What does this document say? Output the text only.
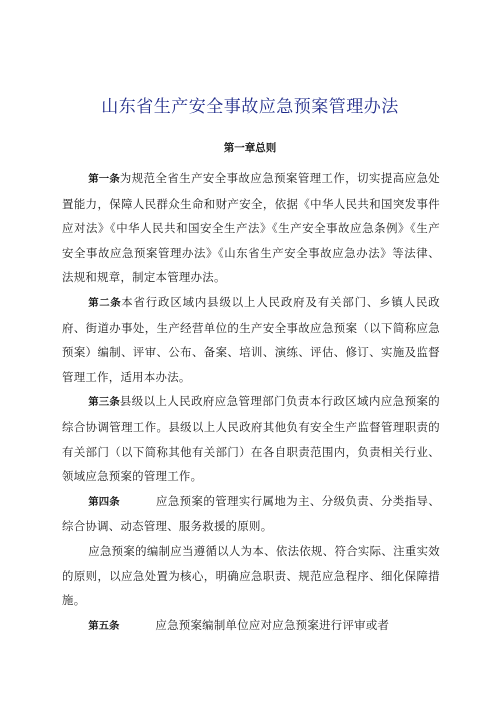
山东省生产安全事故应急预案管理办法
第一章总则

第一条为规范全省生产安全事故应急预案管理工作，切实提高应急处置能力，保障人民群众生命和财产安全，依据《中华人民共和国突发事件应对法》《中华人民共和国安全生产法》《生产安全事故应急条例》《生产安全事故应急预案管理办法》《山东省生产安全事故应急办法》等法律、法规和规章，制定本管理办法。

第二条本省行政区域内县级以上人民政府及有关部门、乡镇人民政府、街道办事处，生产经营单位的生产安全事故应急预案（以下简称应急预案）编制、评审、公布、备案、培训、演练、评估、修订、实施及监督管理工作，适用本办法。

第三条县级以上人民政府应急管理部门负责本行政区域内应急预案的综合协调管理工作。县级以上人民政府其他负有安全生产监督管理职责的有关部门（以下简称其他有关部门）在各自职责范围内，负责相关行业、领域应急预案的管理工作。

第四条	应急预案的管理实行属地为主、分级负责、分类指导、综合协调、动态管理、服务救援的原则。

应急预案的编制应当遵循以人为本、依法依规、符合实际、注重实效的原则，以应急处置为核心，明确应急职责、规范应急程序、细化保障措施。

第五条	应急预案编制单位应对应急预案进行评审或者
